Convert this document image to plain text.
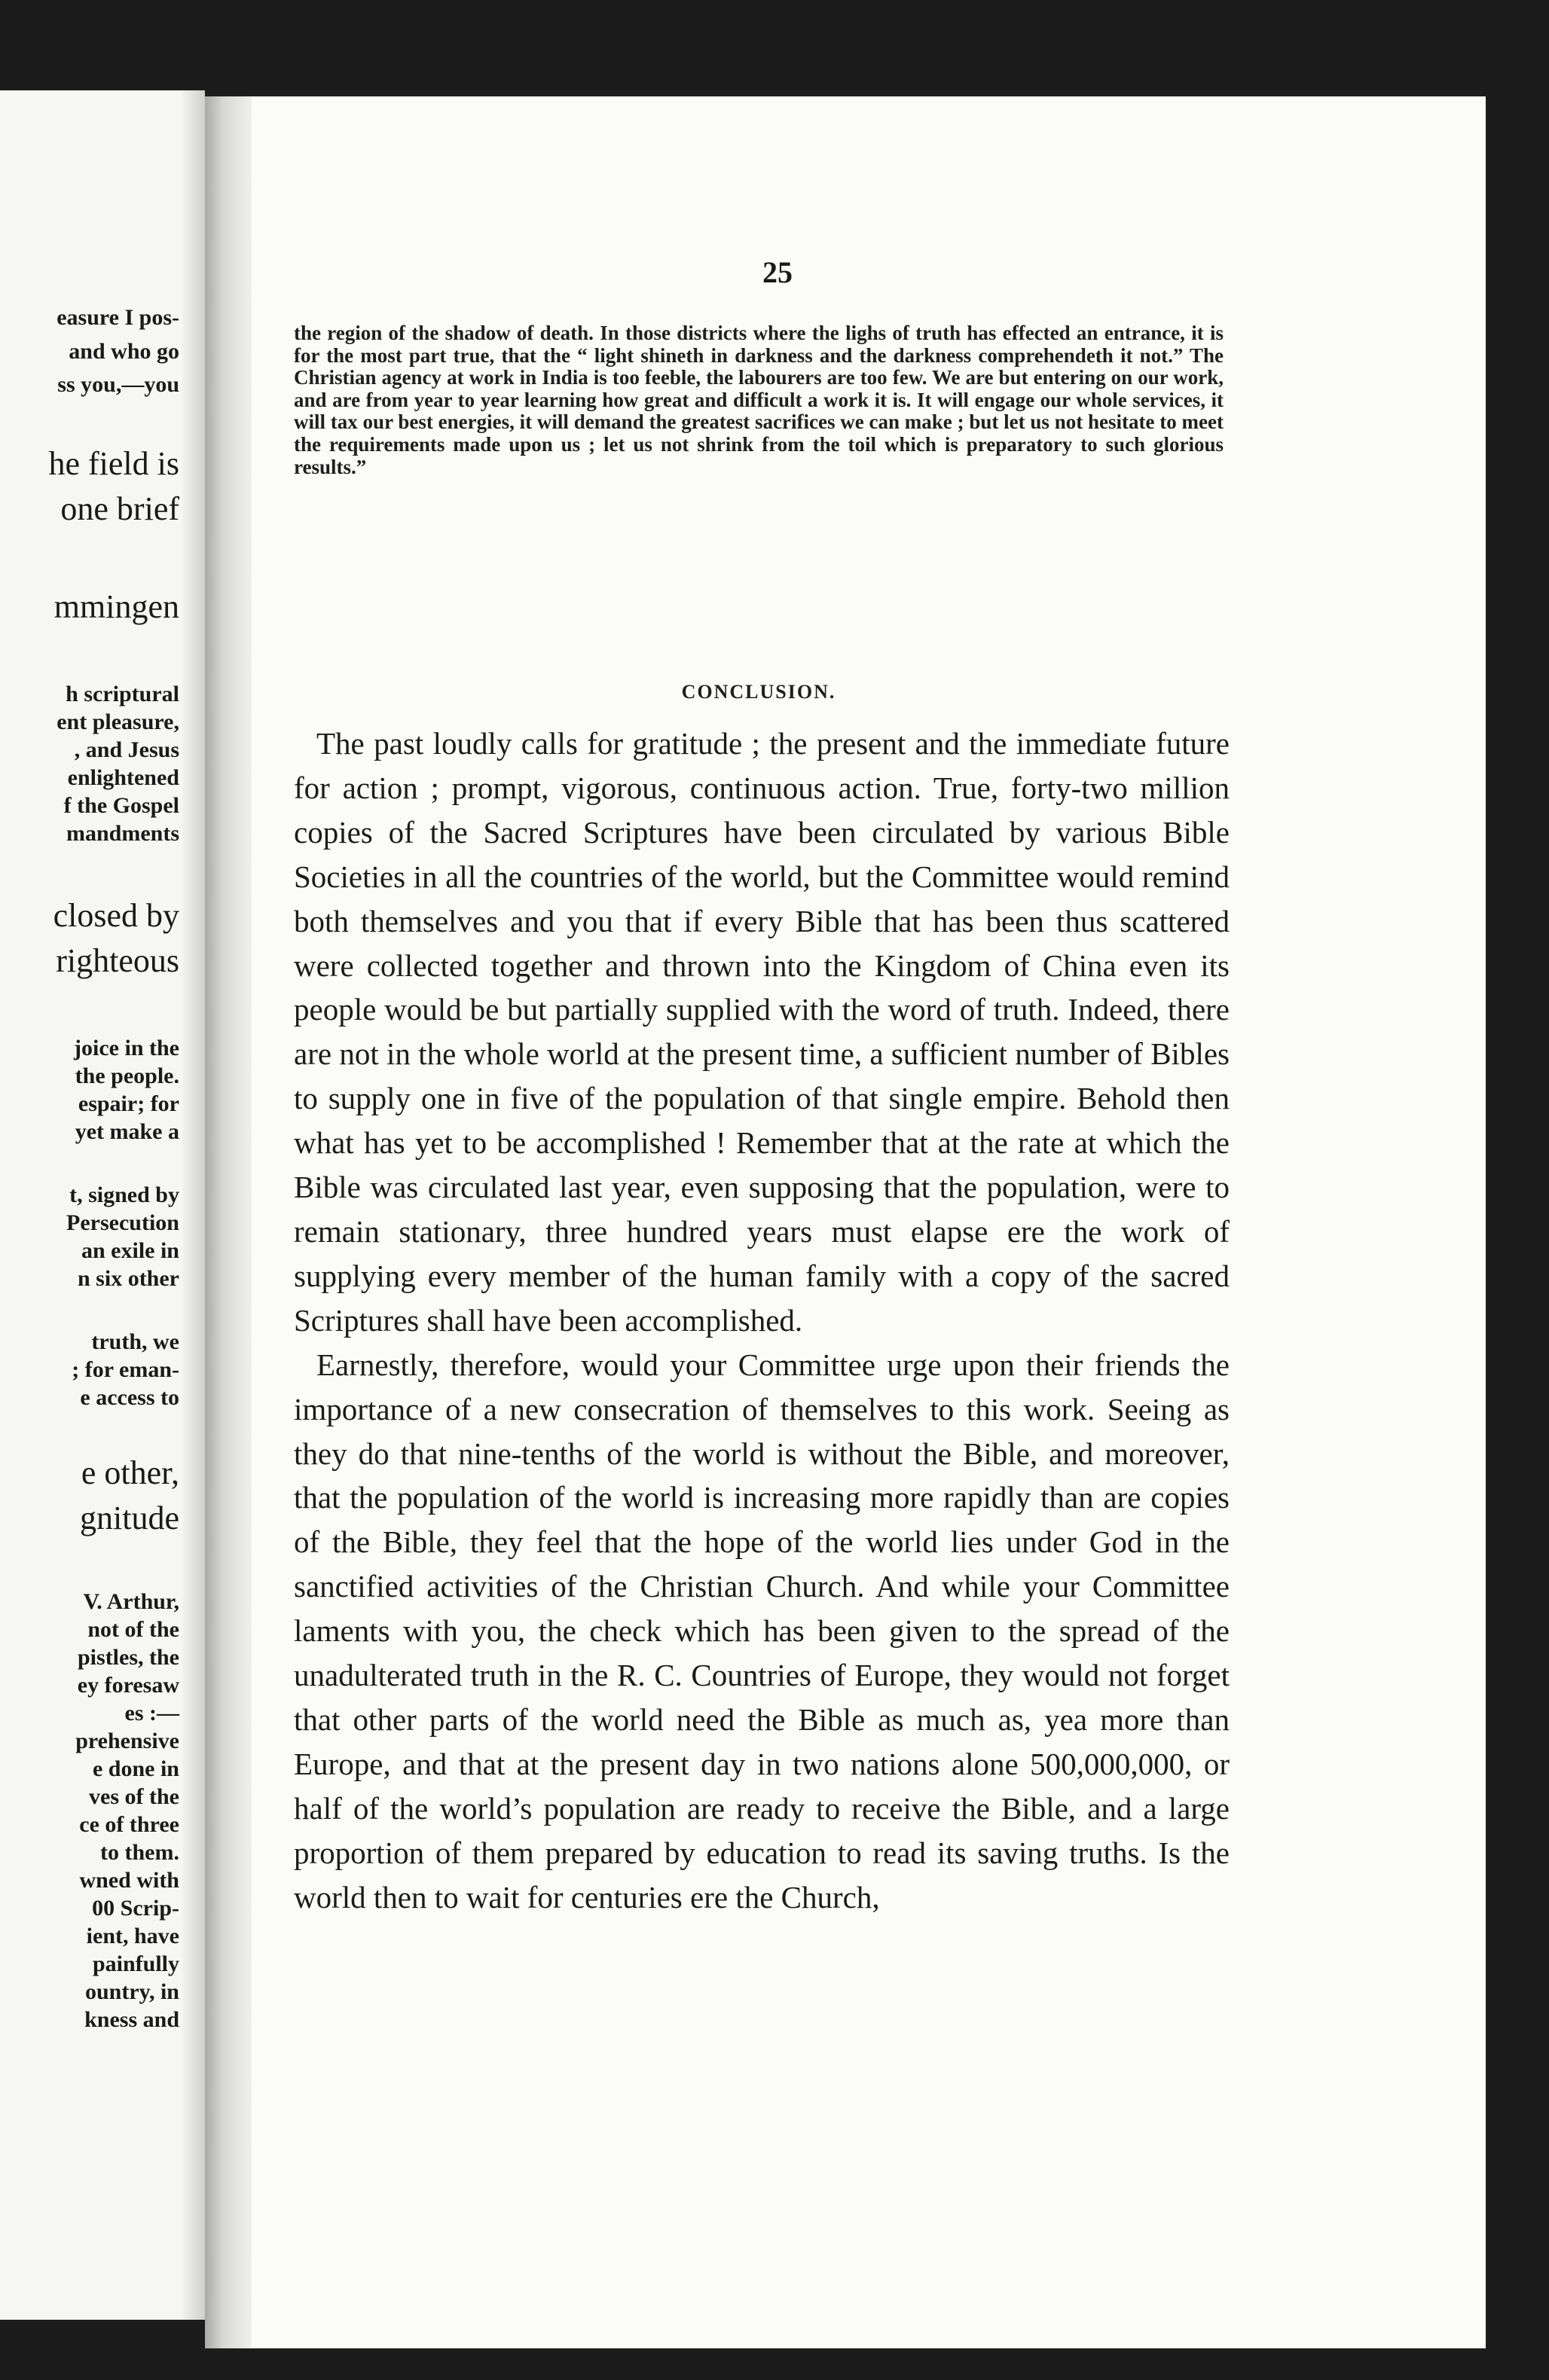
easure I pos-
and who go
ss you,—you
he field is
one brief
mmingen
h scriptural
ent pleasure,
, and Jesus
enlightened
f the Gospel
mandments
closed by
righteous
joice in the
the people.
espair; for
yet make a
t, signed by
Persecution
an exile in
n six other
truth, we
; for eman-
e access to
e other,
gnitude
V. Arthur,
not of the
pistles, the
ey foresaw
es :—
prehensive
e done in
ves of the
ce of three
to them.
wned with
00 Scrip-
ient, have
painfully
ountry, in
kness and

25

the region of the shadow of death. In those districts where the lighs of truth has effected an entrance, it is for the most part true, that the “ light shineth in darkness and the darkness comprehendeth it not.” The Christian agency at work in India is too feeble, the labourers are too few. We are but entering on our work, and are from year to year learning how great and difficult a work it is. It will engage our whole services, it will tax our best energies, it will demand the greatest sacrifices we can make ; but let us not hesitate to meet the requirements made upon us ; let us not shrink from the toil which is preparatory to such glorious results.”

CONCLUSION.

The past loudly calls for gratitude ; the present and the immediate future for action ; prompt, vigorous, continuous action. True, forty-two million copies of the Sacred Scriptures have been circulated by various Bible Societies in all the countries of the world, but the Committee would remind both themselves and you that if every Bible that has been thus scattered were collected together and thrown into the Kingdom of China even its people would be but partially supplied with the word of truth. Indeed, there are not in the whole world at the present time, a sufficient number of Bibles to supply one in five of the population of that single empire. Behold then what has yet to be accomplished ! Remember that at the rate at which the Bible was circulated last year, even supposing that the population, were to remain stationary, three hundred years must elapse ere the work of supplying every member of the human family with a copy of the sacred Scriptures shall have been accomplished.

Earnestly, therefore, would your Committee urge upon their friends the importance of a new consecration of themselves to this work. Seeing as they do that nine-tenths of the world is without the Bible, and moreover, that the population of the world is increasing more rapidly than are copies of the Bible, they feel that the hope of the world lies under God in the sanctified activities of the Christian Church. And while your Committee laments with you, the check which has been given to the spread of the unadulterated truth in the R. C. Countries of Europe, they would not forget that other parts of the world need the Bible as much as, yea more than Europe, and that at the present day in two nations alone 500,000,000, or half of the world’s population are ready to receive the Bible, and a large proportion of them prepared by education to read its saving truths. Is the world then to wait for centuries ere the Church,
